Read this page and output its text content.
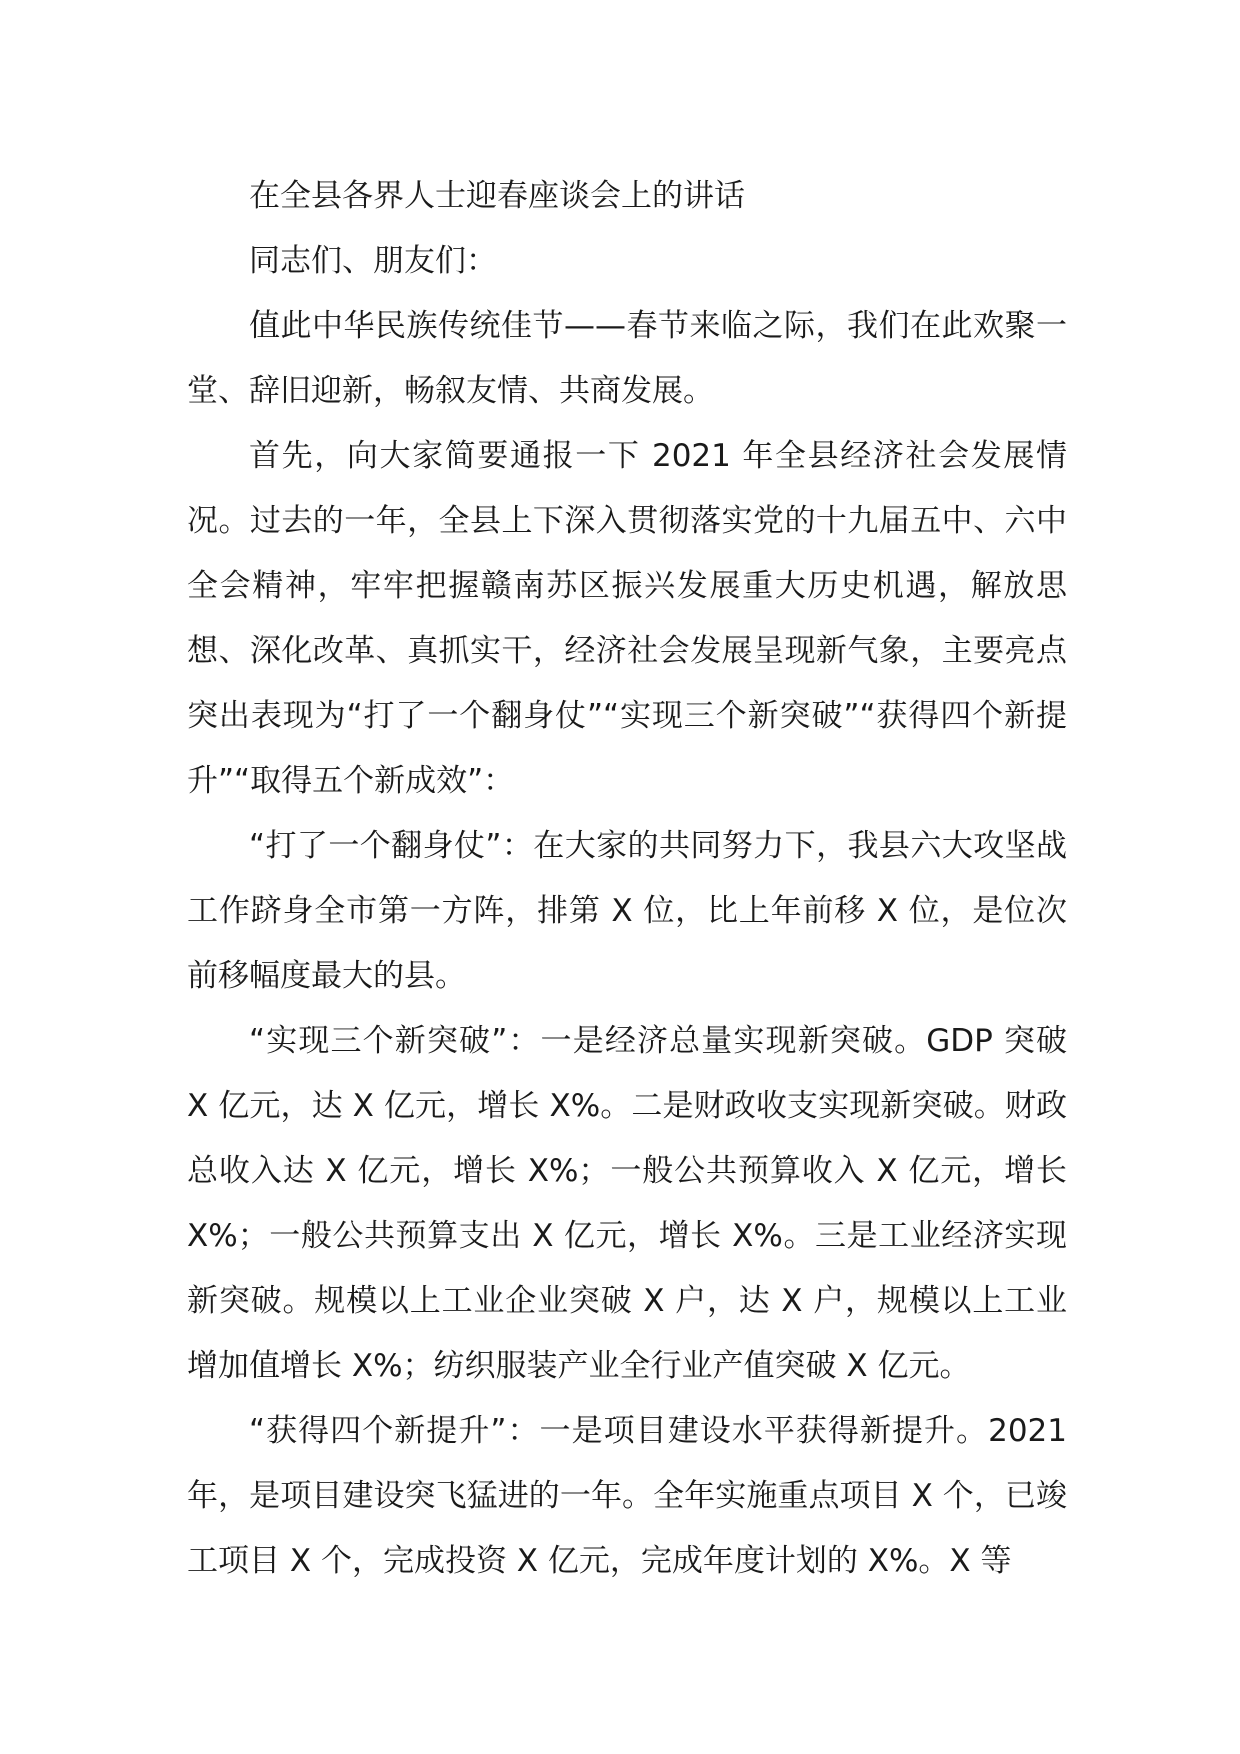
在全县各界人士迎春座谈会上的讲话

同志们、朋友们：

值此中华民族传统佳节——春节来临之际，我们在此欢聚一堂、辞旧迎新，畅叙友情、共商发展。

首先，向大家简要通报一下 2021 年全县经济社会发展情况。过去的一年，全县上下深入贯彻落实党的十九届五中、六中全会精神，牢牢把握赣南苏区振兴发展重大历史机遇，解放思 想、深化改革、真抓实干，经济社会发展呈现新气象，主要亮点突出表现为“打了一个翻身仗”“实现三个新突破”“获得四个新提升”“取得五个新成效”：

“打了一个翻身仗”：在大家的共同努力下，我县六大攻坚战工作跻身全市第一方阵，排第 X 位，比上年前移 X 位，是位次前移幅度最大的县。

“实现三个新突破”：一是经济总量实现新突破。GDP 突破 X 亿元，达 X 亿元，增长 X%。二是财政收支实现新突破。财政总收入达 X 亿元，增长 X%；一般公共预算收入 X 亿元，增长 X%；一般公共预算支出 X 亿元，增长 X%。三是工业经济实现新突破。规模以上工业企业突破 X 户，达 X 户，规模以上工业增加值增长 X%；纺织服装产业全行业产值突破 X 亿元。

“获得四个新提升”：一是项目建设水平获得新提升。2021 年，是项目建设突飞猛进的一年。全年实施重点项目 X 个，已竣工项目 X 个，完成投资 X 亿元，完成年度计划的 X%。X 等
